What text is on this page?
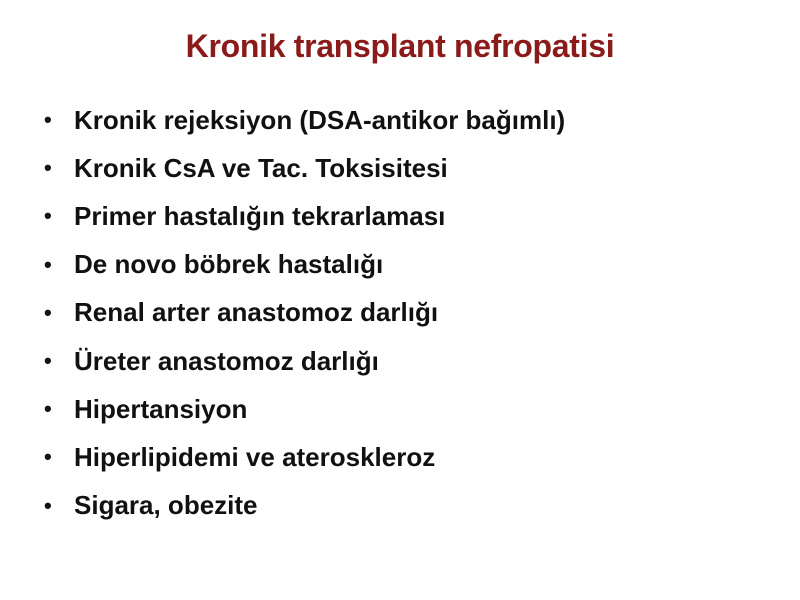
Kronik transplant nefropatisi
• Kronik rejeksiyon (DSA-antikor bağımlı)
• Kronik CsA ve Tac. Toksisitesi
• Primer hastalığın tekrarlaması
• De novo böbrek hastalığı
• Renal arter anastomoz darlığı
• Üreter anastomoz darlığı
• Hipertansiyon
• Hiperlipidemi ve ateroskleroz
• Sigara, obezite
